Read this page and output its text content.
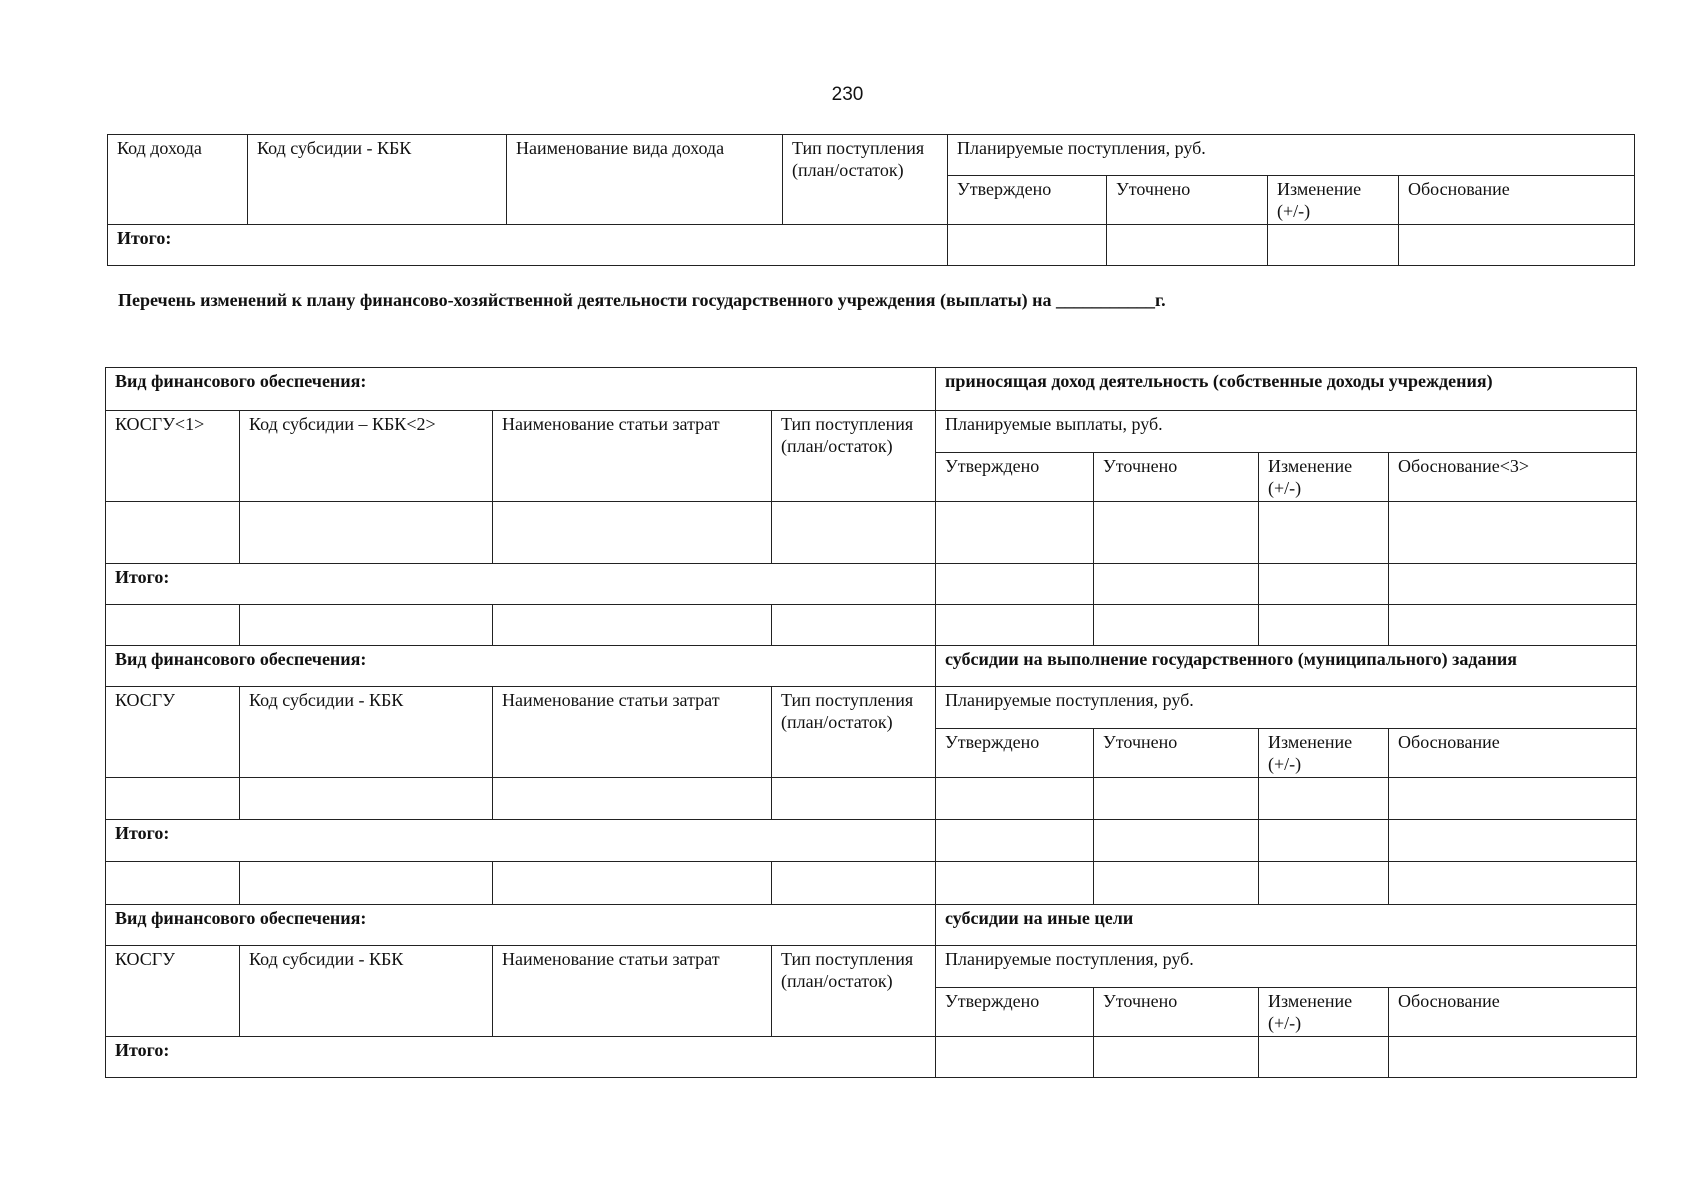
230
Код дохода	Код субсидии - КБК	Наименование вида дохода	Тип поступления (план/остаток)	Планируемые поступления, руб.			
				Утверждено	Уточнено	Изменение (+/-)	Обоснование
Итого:							
Перечень изменений к плану финансово-хозяйственной деятельности государственного учреждения (выплаты) на ___________г.
Вид финансового обеспечения:				приносящая доход деятельность (собственные доходы учреждения)			
КОСГУ<1>	Код субсидии – КБК<2>	Наименование статьи затрат	Тип поступления (план/остаток)	Планируемые выплаты, руб.			
				Утверждено	Уточнено	Изменение (+/-)	Обоснование<3>

Итого:							

Вид финансового обеспечения:				субсидии на выполнение государственного (муниципального) задания			
КОСГУ	Код субсидии - КБК	Наименование статьи затрат	Тип поступления (план/остаток)	Планируемые поступления, руб.			
				Утверждено	Уточнено	Изменение (+/-)	Обоснование

Итого:							

Вид финансового обеспечения:				субсидии на иные цели			
КОСГУ	Код субсидии - КБК	Наименование статьи затрат	Тип поступления (план/остаток)	Планируемые поступления, руб.			
				Утверждено	Уточнено	Изменение (+/-)	Обоснование
Итого:							
